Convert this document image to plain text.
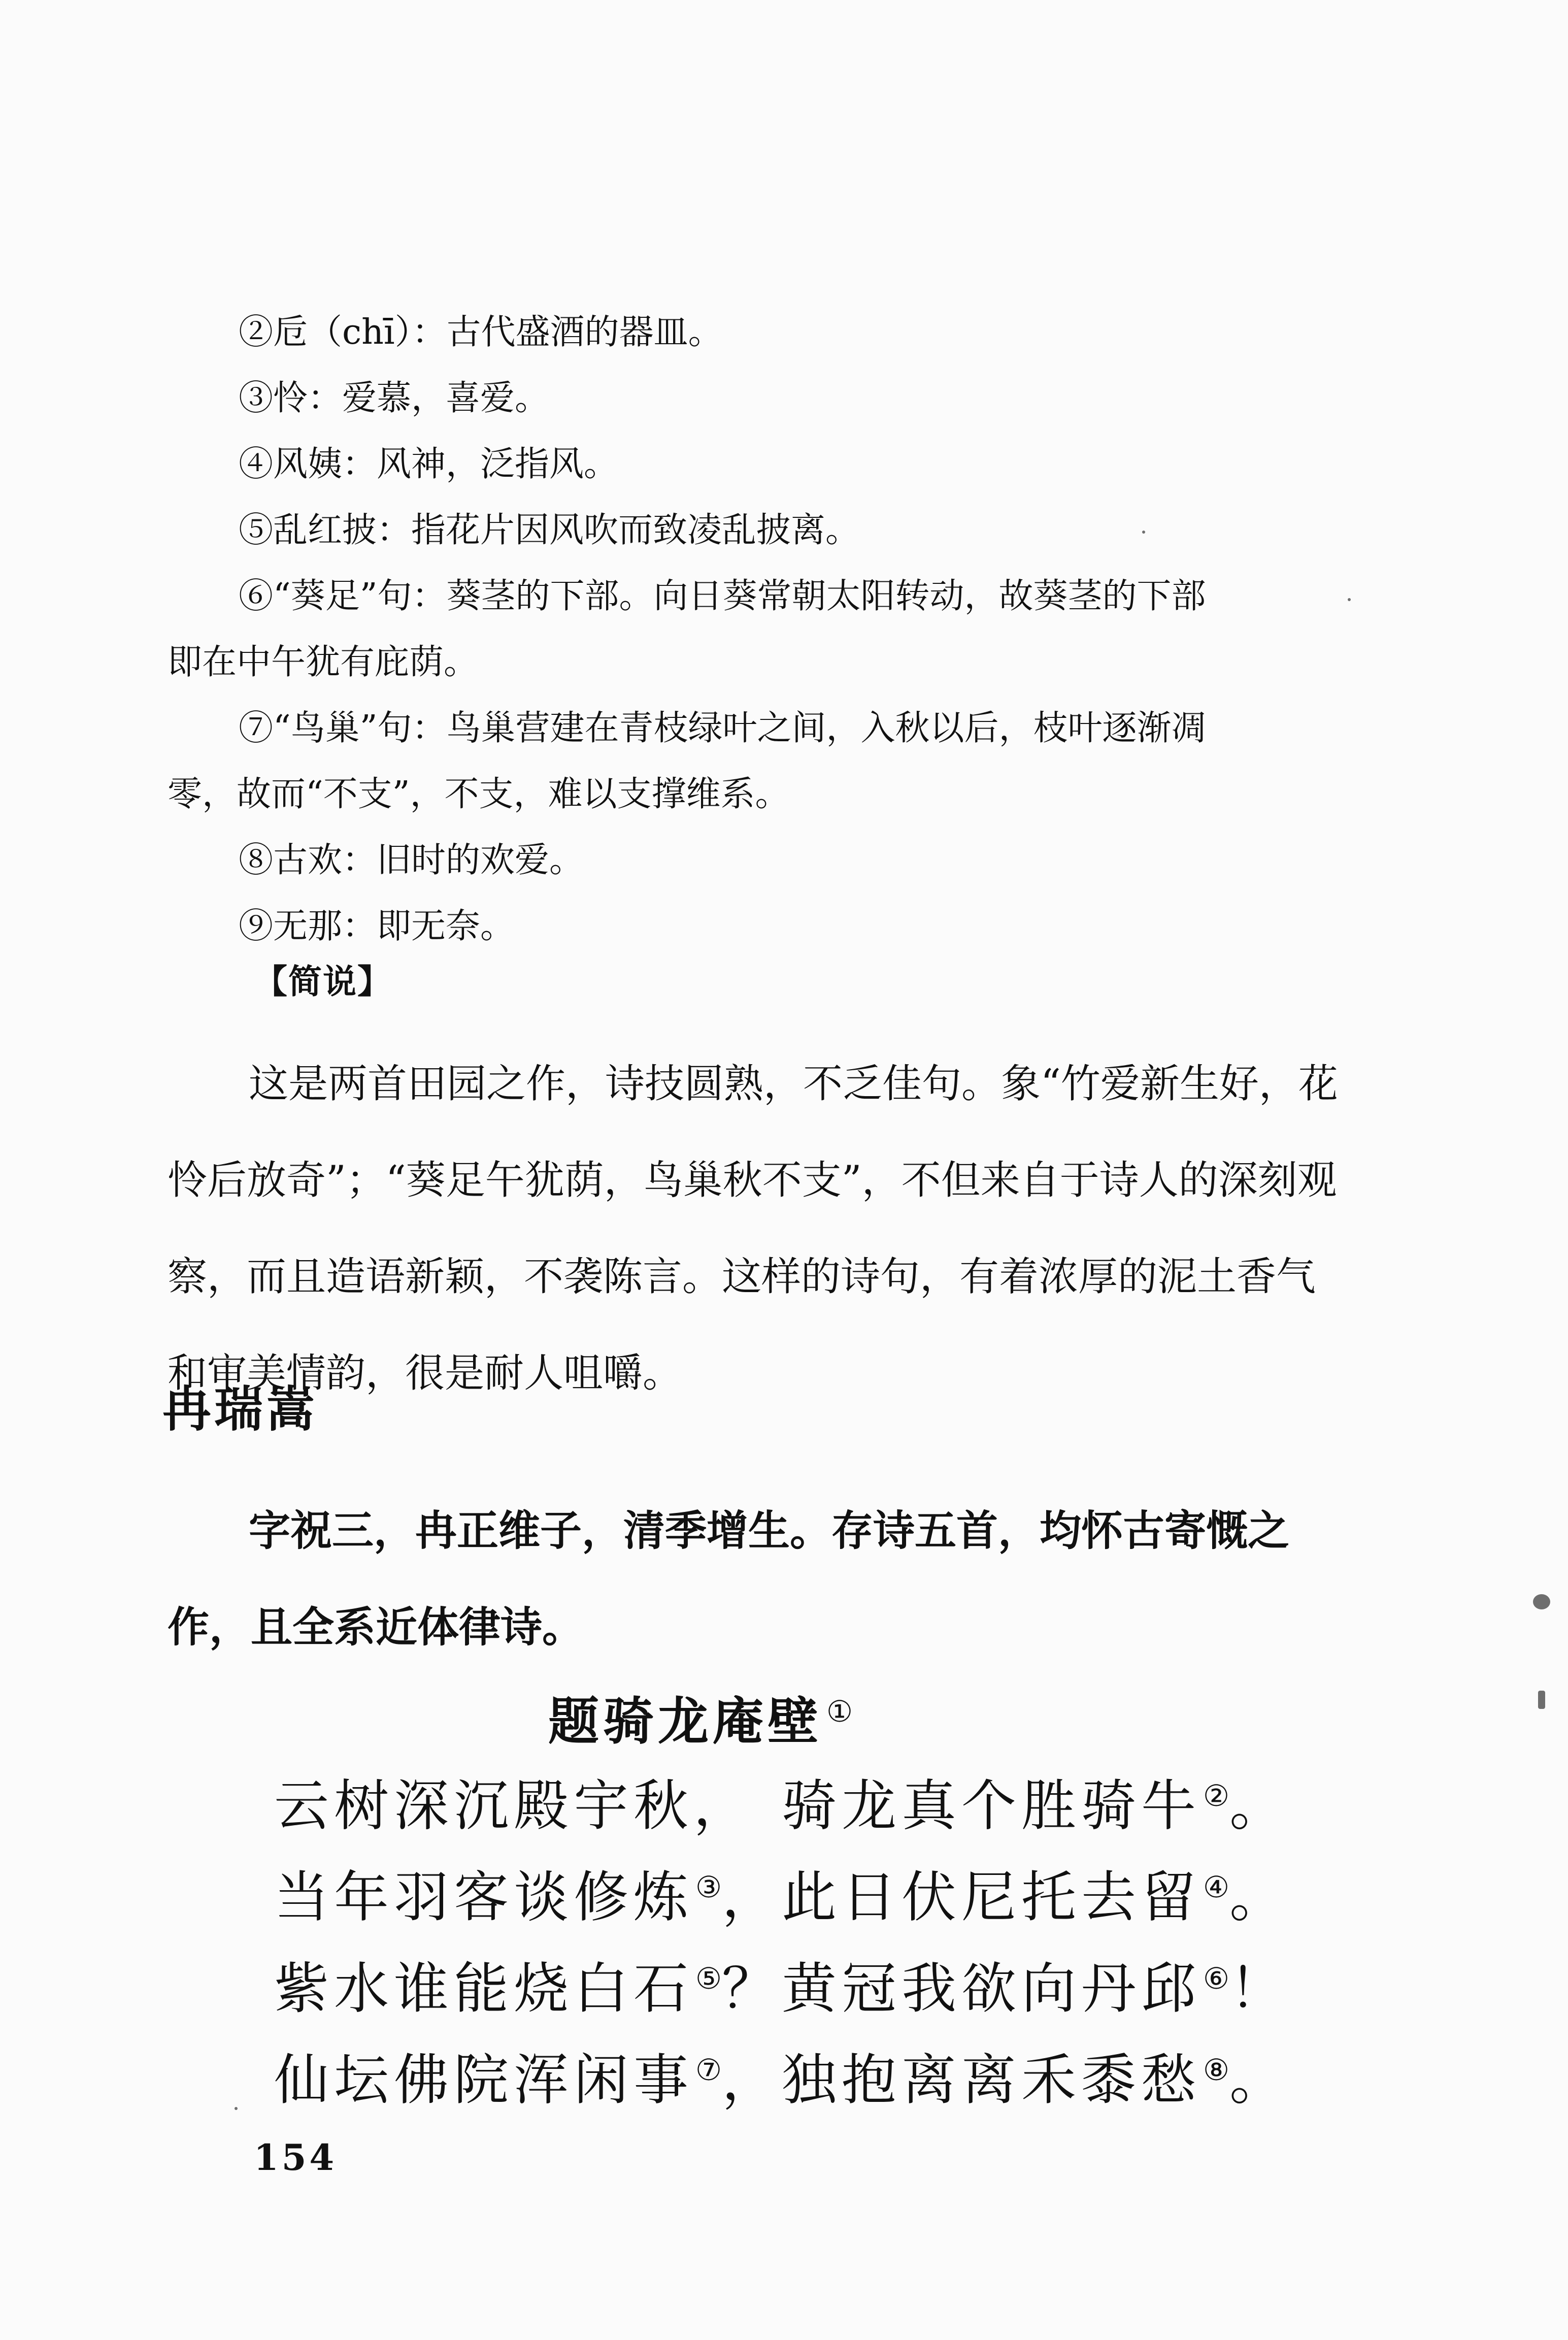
②卮（chī）：古代盛酒的器皿。

③怜：爱慕，喜爱。

④风姨：风神，泛指风。

⑤乱红披：指花片因风吹而致凌乱披离。

⑥“葵足”句：葵茎的下部。向日葵常朝太阳转动，故葵茎的下部

即在中午犹有庇荫。

⑦“鸟巢”句：鸟巢营建在青枝绿叶之间，入秋以后，枝叶逐渐凋

零，故而“不支”，不支，难以支撑维系。

⑧古欢：旧时的欢爱。

⑨无那：即无奈。

【简说】

这是两首田园之作，诗技圆熟，不乏佳句。象“竹爱新生好，花怜后放奇”；“葵足午犹荫，鸟巢秋不支”，不但来自于诗人的深刻观察，而且造语新颖，不袭陈言。这样的诗句，有着浓厚的泥土香气和审美情韵，很是耐人咀嚼。

冉瑞嵩

字祝三，冉正维子，清季增生。存诗五首，均怀古寄慨之作，且全系近体律诗。

题骑龙庵壁 ①
云树深沉殿宇秋， 骑龙真个胜骑牛②。
当年羽客谈修炼③， 此日伏尼托去留④。
紫水谁能烧白石⑤？ 黄冠我欲向丹邱⑥！
仙坛佛院浑闲事⑦， 独抱离离禾黍愁⑧。
154
